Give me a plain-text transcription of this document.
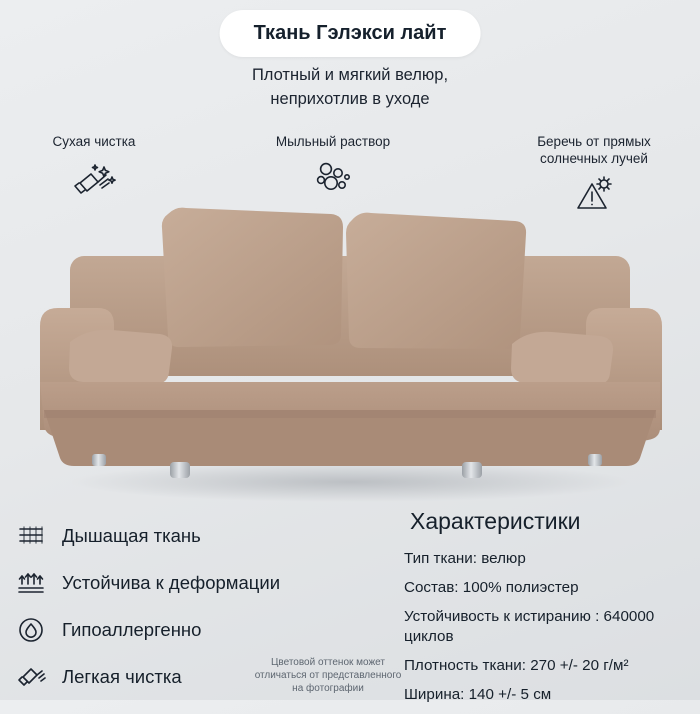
Ткань Гэлэкси лайт
Плотный и мягкий велюр,
неприхотлив в уходе
Сухая чистка	Мыльный раствор	Беречь от прямых
солнечных лучей
Дышащая ткань
Устойчива к деформации
Гипоаллергенно
Легкая чистка
Характеристики
Тип ткани: велюр
Состав: 100% полиэстер
Устойчивость к истиранию : 640000 циклов
Плотность ткани: 270 +/- 20 г/м²
Ширина: 140 +/- 5 см
Цветовой оттенок может
отличаться от представленного
на фотографии
